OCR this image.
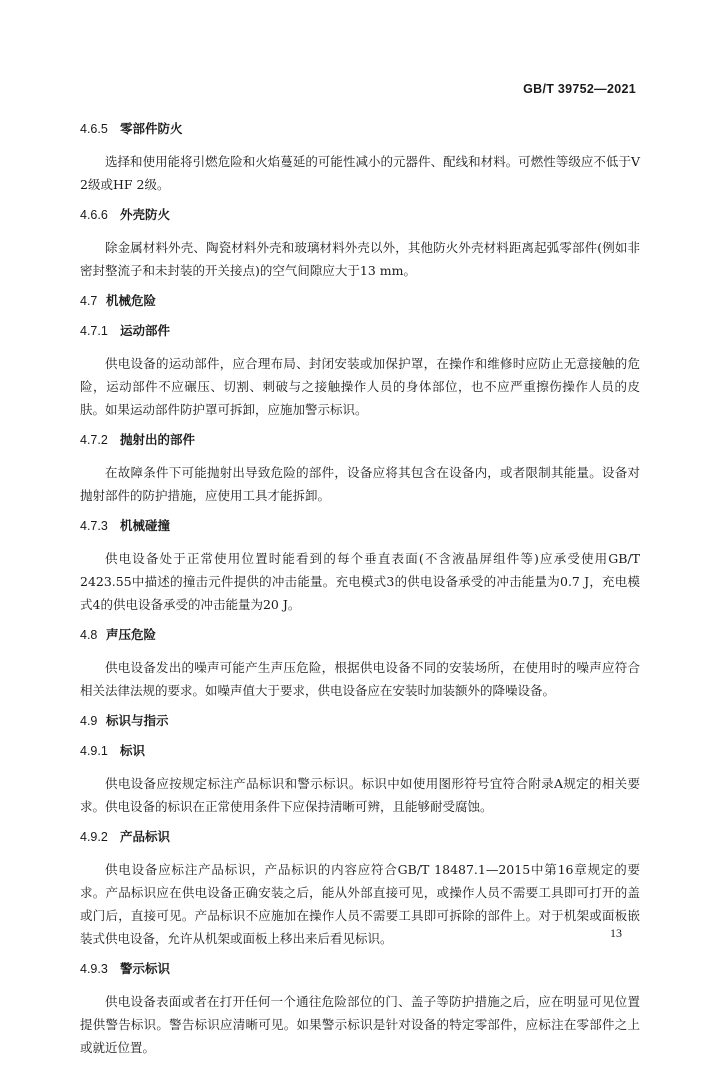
GB/T 39752—2021
4.6.5 零部件防火

选择和使用能将引燃危险和火焰蔓延的可能性减小的元器件、配线和材料。可燃性等级应不低于V 2级或HF 2级。

4.6.6 外壳防火

除金属材料外壳、陶瓷材料外壳和玻璃材料外壳以外，其他防火外壳材料距离起弧零部件(例如非密封整流子和未封装的开关接点)的空气间隙应大于13 mm。

4.7 机械危险
4.7.1 运动部件

供电设备的运动部件，应合理布局、封闭安装或加保护罩，在操作和维修时应防止无意接触的危险，运动部件不应碾压、切割、刺破与之接触操作人员的身体部位，也不应严重擦伤操作人员的皮肤。如果运动部件防护罩可拆卸，应施加警示标识。

4.7.2 抛射出的部件

在故障条件下可能抛射出导致危险的部件，设备应将其包含在设备内，或者限制其能量。设备对抛射部件的防护措施，应使用工具才能拆卸。

4.7.3 机械碰撞

供电设备处于正常使用位置时能看到的每个垂直表面(不含液晶屏组件等)应承受使用GB/T 2423.55中描述的撞击元件提供的冲击能量。充电模式3的供电设备承受的冲击能量为0.7 J，充电模式4的供电设备承受的冲击能量为20 J。

4.8 声压危险

供电设备发出的噪声可能产生声压危险，根据供电设备不同的安装场所，在使用时的噪声应符合相关法律法规的要求。如噪声值大于要求，供电设备应在安装时加装额外的降噪设备。

4.9 标识与指示
4.9.1 标识

供电设备应按规定标注产品标识和警示标识。标识中如使用图形符号宜符合附录A规定的相关要求。供电设备的标识在正常使用条件下应保持清晰可辨，且能够耐受腐蚀。

4.9.2 产品标识

供电设备应标注产品标识，产品标识的内容应符合GB/T 18487.1—2015中第16章规定的要求。产品标识应在供电设备正确安装之后，能从外部直接可见，或操作人员不需要工具即可打开的盖或门后，直接可见。产品标识不应施加在操作人员不需要工具即可拆除的部件上。对于机架或面板嵌装式供电设备，允许从机架或面板上移出来后看见标识。

4.9.3 警示标识

供电设备表面或者在打开任何一个通往危险部位的门、盖子等防护措施之后，应在明显可见位置提供警告标识。警告标识应清晰可见。如果警示标识是针对设备的特定零部件，应标注在零部件之上或就近位置。

13
